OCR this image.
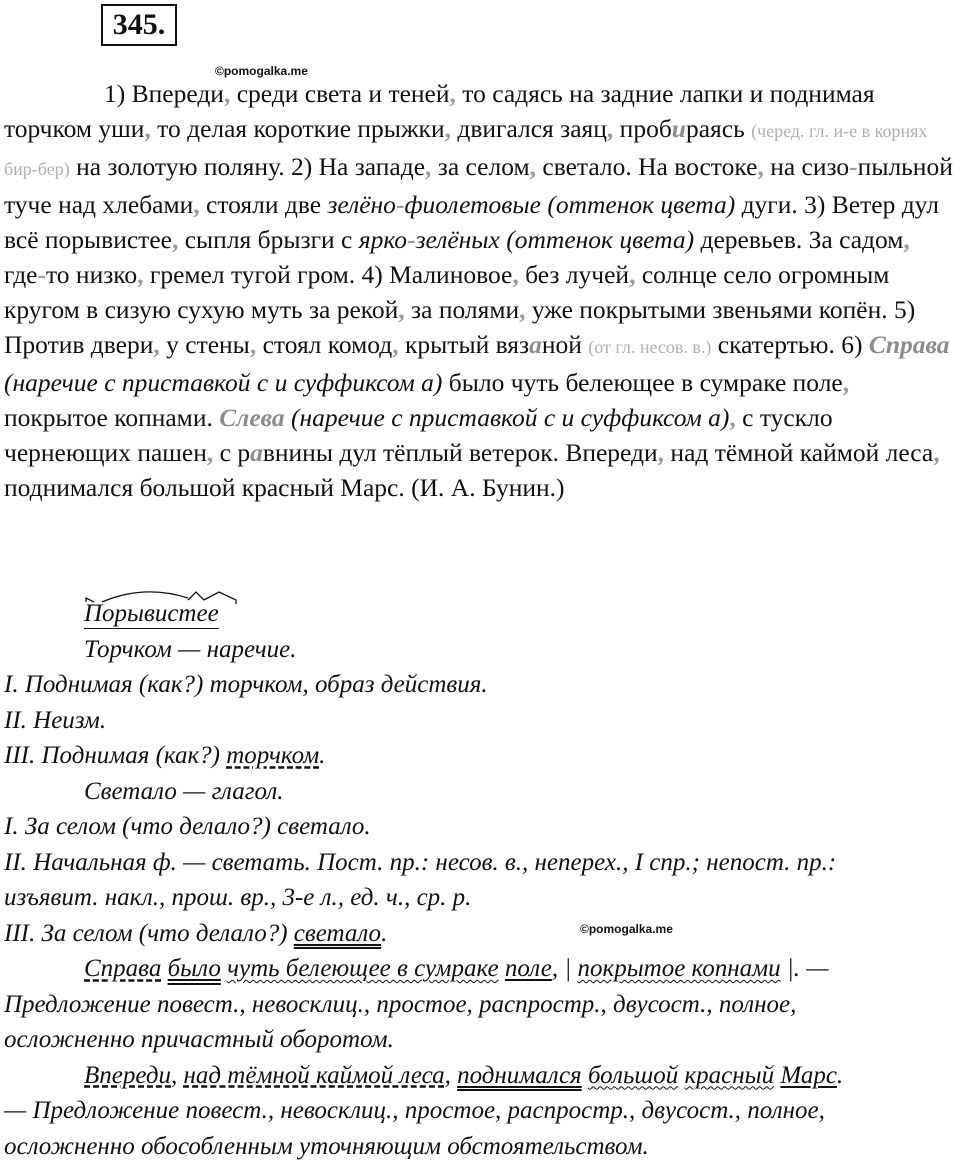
345.
©pomogalka.me

1) Впереди, среди света и теней, то садясь на задние лапки и поднимая торчком уши, то делая короткие прыжки, двигался заяц, пробираясь (черед. гл. и-е в корнях бир-бер) на золотую поляну. 2) На западе, за селом, светало. На востоке, на сизо-пыльной туче над хлебами, стояли две зелёно-фиолетовые (оттенок цвета) дуги. 3) Ветер дул всё порывистее, сыпля брызги с ярко-зелёных (оттенок цвета) деревьев. За садом, где-то низко, гремел тугой гром. 4) Малиновое, без лучей, солнце село огромным кругом в сизую сухую муть за рекой, за полями, уже покрытыми звеньями копён. 5) Против двери, у стены, стоял комод, крытый вязаной (от гл. несов. в.) скатертью. 6) Справа (наречие с приставкой с и суффиксом а) было чуть белеющее в сумраке поле, покрытое копнами. Слева (наречие с приставкой с и суффиксом а), с тускло чернеющих пашен, с равнины дул тёплый ветерок. Впереди, над тёмной каймой леса, поднимался большой красный Марс. (И. А. Бунин.)

Порывистее
Торчком — наречие.
I. Поднимая (как?) торчком, образ действия.
II. Неизм.
III. Поднимая (как?) торчком.
Светало — глагол.
I. За селом (что делало?) светало.
II. Начальная ф. — светать. Пост. пр.: несов. в., неперех., I спр.; непост. пр.:
изъявит. накл., прош. вр., 3-е л., ед. ч., ср. р.
III. За селом (что делало?) светало.
Справа было чуть белеющее в сумраке поле, | покрытое копнами |. —
Предложение повест., невосклиц., простое, распростр., двусост., полное,
осложненно причастный оборотом.
Впереди, над тёмной каймой леса, поднимался большой красный Марс.
— Предложение повест., невосклиц., простое, распростр., двусост., полное,
осложненно обособленным уточняющим обстоятельством.
©pomogalka.me
